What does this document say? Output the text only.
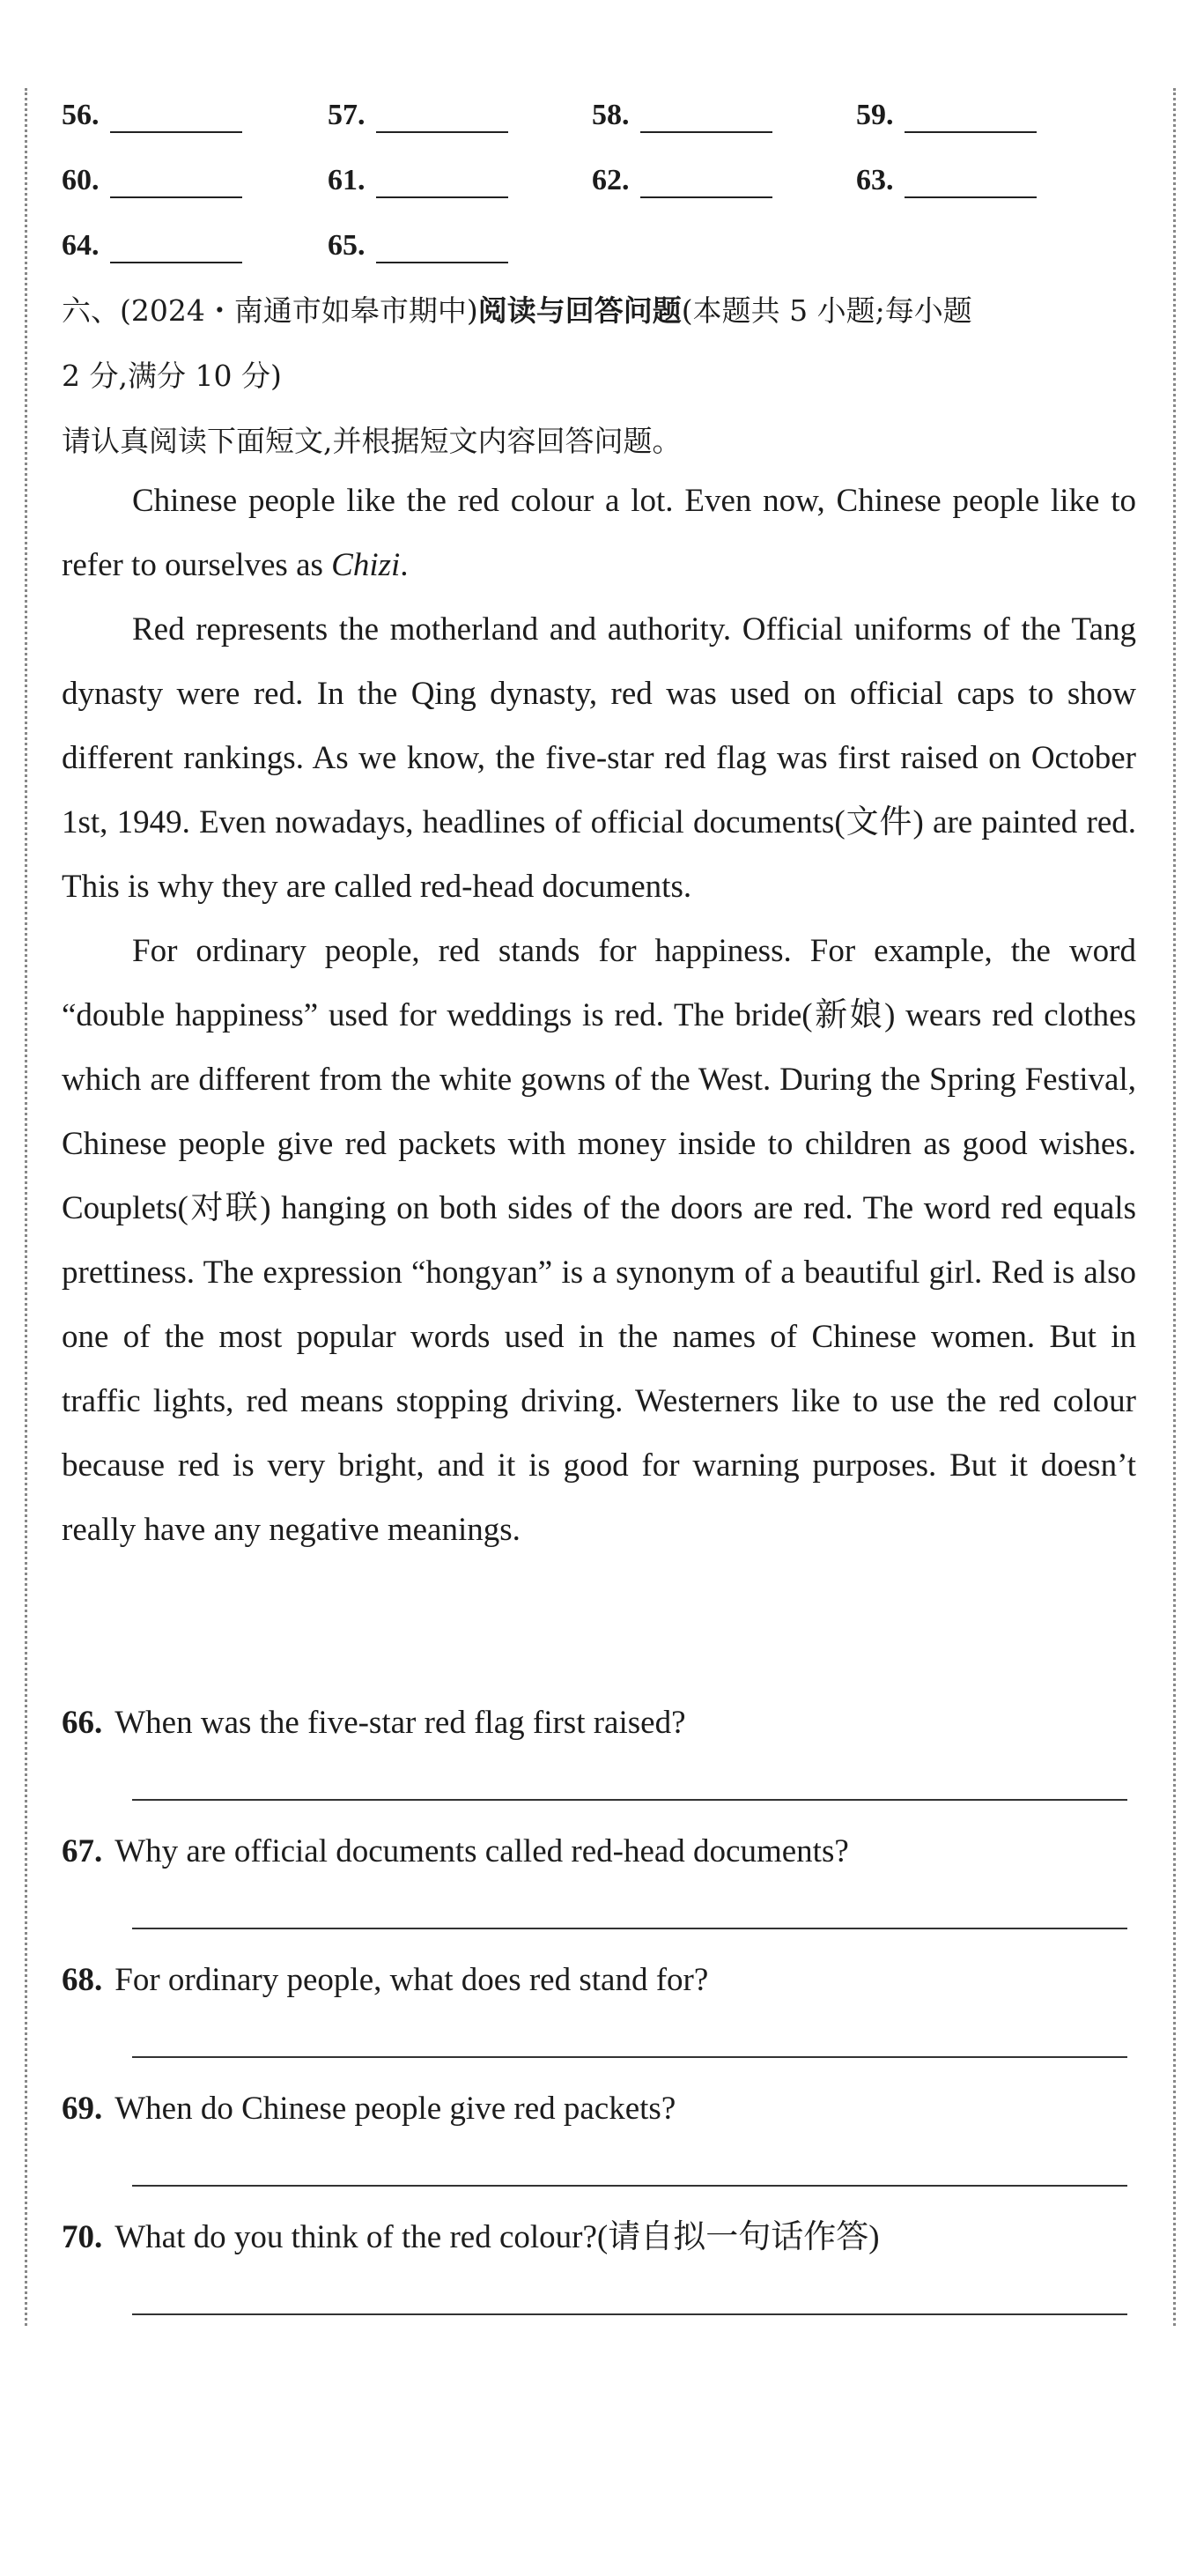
56.	57.	58.	59.
60.	61.	62.	63.
64.	65.
六、(2024・南通市如皋市期中)阅读与回答问题(本题共 5 小题;每小题
2 分,满分 10 分)
请认真阅读下面短文,并根据短文内容回答问题。

Chinese people like the red colour a lot. Even now, Chinese people like to refer to ourselves as Chizi.

Red represents the motherland and authority. Official uniforms of the Tang dynasty were red. In the Qing dynasty, red was used on official caps to show different rankings. As we know, the five-star red flag was first raised on October 1st, 1949. Even nowadays, headlines of official documents(文件) are painted red. This is why they are called red-head documents.

For ordinary people, red stands for happiness. For example, the word “double happiness” used for weddings is red. The bride(新娘) wears red clothes which are different from the white gowns of the West. During the Spring Festival, Chinese people give red packets with money inside to children as good wishes. Couplets(对联) hanging on both sides of the doors are red. The word red equals prettiness. The expression “hongyan” is a synonym of a beautiful girl. Red is also one of the most popular words used in the names of Chinese women. But in traffic lights, red means stopping driving. Westerners like to use the red colour because red is very bright, and it is good for warning purposes. But it doesn’t really have any negative meanings.

66. When was the five-star red flag first raised?
67. Why are official documents called red-head documents?
68. For ordinary people, what does red stand for?
69. When do Chinese people give red packets?
70. What do you think of the red colour?(请自拟一句话作答)
